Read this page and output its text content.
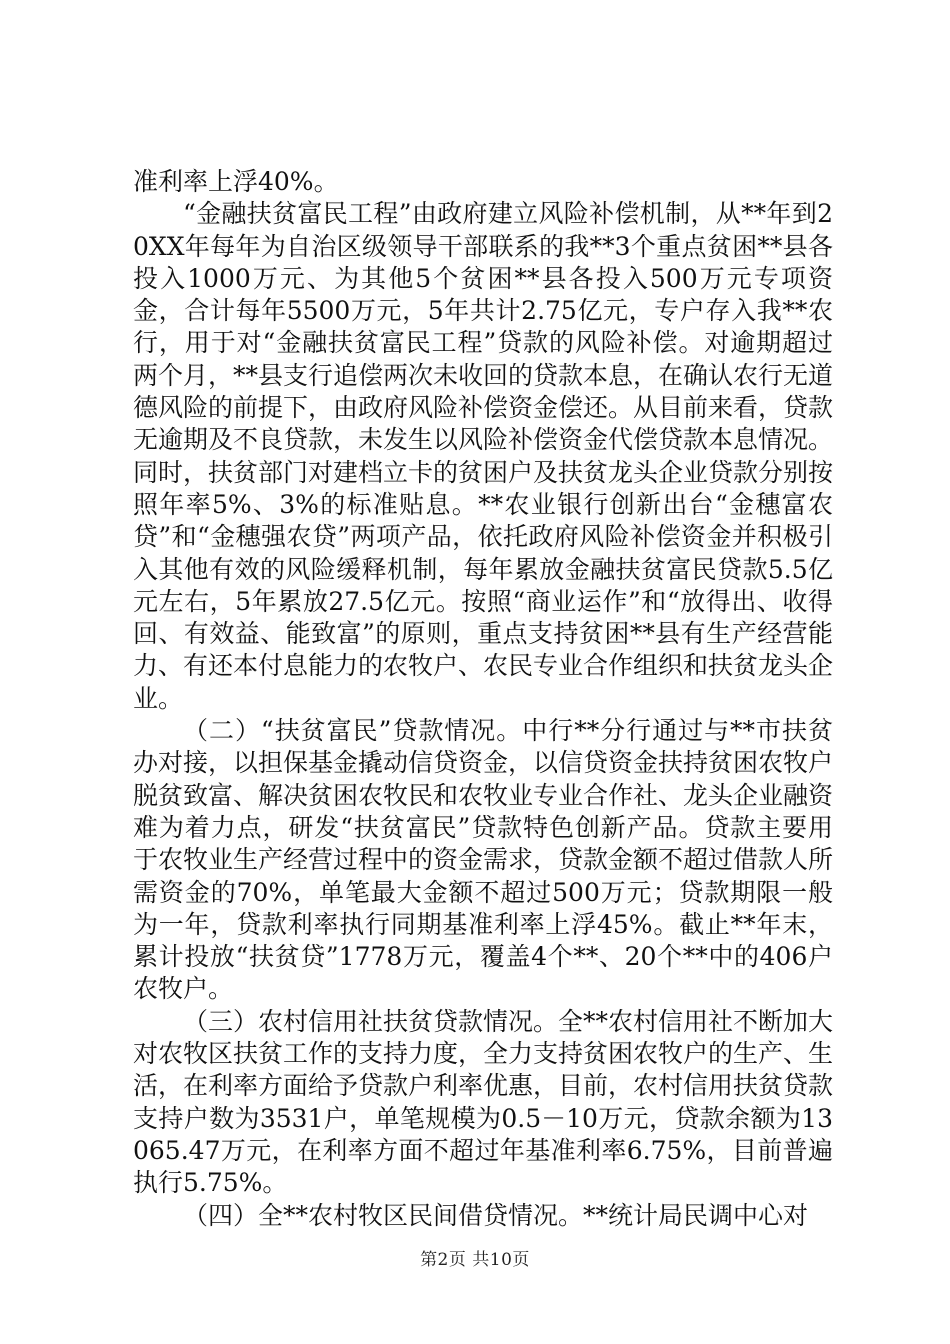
准利率上浮40%。

“金融扶贫富民工程”由政府建立风险补偿机制，从**年到20XX年每年为自治区级领导干部联系的我**3个重点贫困**县各投入1000万元、为其他5个贫困**县各投入500万元专项资金，合计每年5500万元，5年共计2.75亿元，专户存入我**农行，用于对“金融扶贫富民工程”贷款的风险补偿。对逾期超过两个月，**县支行追偿两次未收回的贷款本息，在确认农行无道德风险的前提下，由政府风险补偿资金偿还。从目前来看，贷款无逾期及不良贷款，未发生以风险补偿资金代偿贷款本息情况。同时，扶贫部门对建档立卡的贫困户及扶贫龙头企业贷款分别按照年率5%、3%的标准贴息。**农业银行创新出台“金穗富农贷”和“金穗强农贷”两项产品，依托政府风险补偿资金并积极引入其他有效的风险缓释机制，每年累放金融扶贫富民贷款5.5亿元左右，5年累放27.5亿元。按照“商业运作”和“放得出、收得回、有效益、能致富”的原则，重点支持贫困**县有生产经营能力、有还本付息能力的农牧户、农民专业合作组织和扶贫龙头企业。

（二）“扶贫富民”贷款情况。中行**分行通过与**市扶贫办对接，以担保基金撬动信贷资金，以信贷资金扶持贫困农牧户脱贫致富、解决贫困农牧民和农牧业专业合作社、龙头企业融资难为着力点，研发“扶贫富民”贷款特色创新产品。贷款主要用于农牧业生产经营过程中的资金需求，贷款金额不超过借款人所需资金的70%，单笔最大金额不超过500万元；贷款期限一般为一年，贷款利率执行同期基准利率上浮45%。截止**年末，累计投放“扶贫贷”1778万元，覆盖4个**、20个**中的406户农牧户。

（三）农村信用社扶贫贷款情况。全**农村信用社不断加大对农牧区扶贫工作的支持力度，全力支持贫困农牧户的生产、生活，在利率方面给予贷款户利率优惠，目前，农村信用扶贫贷款支持户数为3531户，单笔规模为0.5－10万元，贷款余额为13065.47万元，在利率方面不超过年基准利率6.75%，目前普遍执行5.75%。

（四）全**农村牧区民间借贷情况。**统计局民调中心对

第2页 共10页
